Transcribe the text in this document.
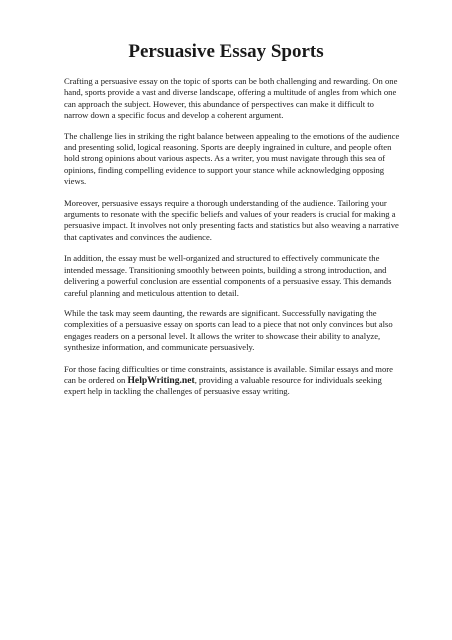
Persuasive Essay Sports

Crafting a persuasive essay on the topic of sports can be both challenging and rewarding. On one hand, sports provide a vast and diverse landscape, offering a multitude of angles from which one can approach the subject. However, this abundance of perspectives can make it difficult to narrow down a specific focus and develop a coherent argument.

The challenge lies in striking the right balance between appealing to the emotions of the audience and presenting solid, logical reasoning. Sports are deeply ingrained in culture, and people often hold strong opinions about various aspects. As a writer, you must navigate through this sea of opinions, finding compelling evidence to support your stance while acknowledging opposing views.

Moreover, persuasive essays require a thorough understanding of the audience. Tailoring your arguments to resonate with the specific beliefs and values of your readers is crucial for making a persuasive impact. It involves not only presenting facts and statistics but also weaving a narrative that captivates and convinces the audience.

In addition, the essay must be well-organized and structured to effectively communicate the intended message. Transitioning smoothly between points, building a strong introduction, and delivering a powerful conclusion are essential components of a persuasive essay. This demands careful planning and meticulous attention to detail.

While the task may seem daunting, the rewards are significant. Successfully navigating the complexities of a persuasive essay on sports can lead to a piece that not only convinces but also engages readers on a personal level. It allows the writer to showcase their ability to analyze, synthesize information, and communicate persuasively.

For those facing difficulties or time constraints, assistance is available. Similar essays and more can be ordered on HelpWriting.net, providing a valuable resource for individuals seeking expert help in tackling the challenges of persuasive essay writing.
